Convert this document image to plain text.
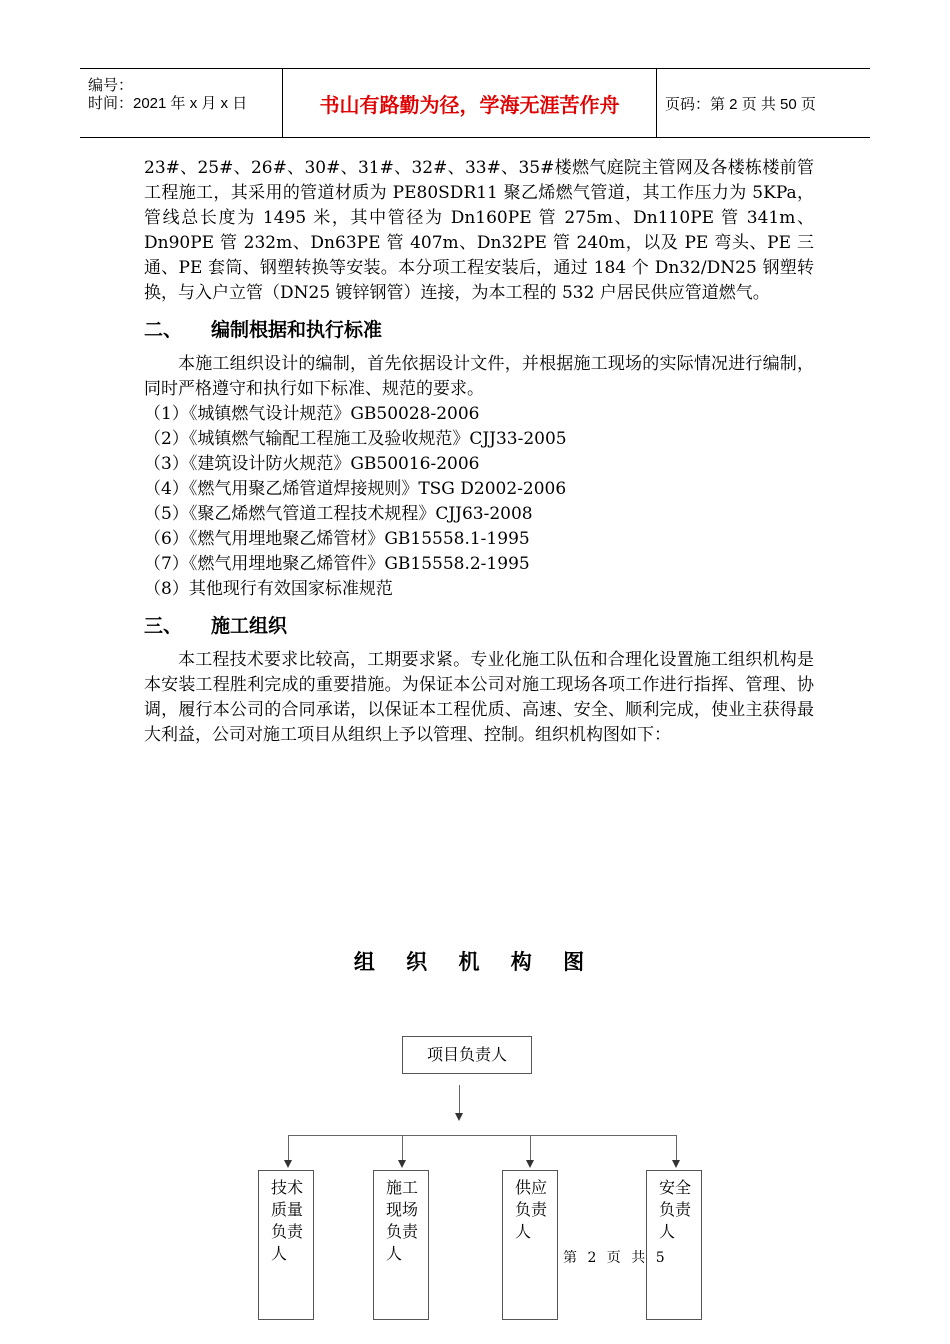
编号：
时间：2021 年 x 月 x 日	书山有路勤为径，学海无涯苦作舟	页码：第 2 页 共 50 页

23#、25#、26#、30#、31#、32#、33#、35#楼燃气庭院主管网及各楼栋楼前管工程施工，其采用的管道材质为 PE80SDR11 聚乙烯燃气管道，其工作压力为 5KPa，管线总长度为 1495 米，其中管径为 Dn160PE 管 275m、Dn110PE 管 341m、Dn90PE 管 232m、Dn63PE 管 407m、Dn32PE 管 240m，以及 PE 弯头、PE 三通、PE 套筒、钢塑转换等安装。本分项工程安装后，通过 184 个 Dn32/DN25 钢塑转换，与入户立管（DN25 镀锌钢管）连接，为本工程的 532 户居民供应管道燃气。

二、 编制根据和执行标准

本施工组织设计的编制，首先依据设计文件，并根据施工现场的实际情况进行编制，同时严格遵守和执行如下标准、规范的要求。

（1）《城镇燃气设计规范》GB50028-2006

（2）《城镇燃气输配工程施工及验收规范》CJJ33-2005

（3）《建筑设计防火规范》GB50016-2006

（4）《燃气用聚乙烯管道焊接规则》TSG D2002-2006

（5）《聚乙烯燃气管道工程技术规程》CJJ63-2008

（6）《燃气用埋地聚乙烯管材》GB15558.1-1995

（7）《燃气用埋地聚乙烯管件》GB15558.2-1995

（8）其他现行有效国家标准规范

三、 施工组织

本工程技术要求比较高，工期要求紧。专业化施工队伍和合理化设置施工组织机构是本安装工程胜利完成的重要措施。为保证本公司对施工现场各项工作进行指挥、管理、协调，履行本公司的合同承诺，以保证本工程优质、高速、安全、顺利完成，使业主获得最大利益，公司对施工项目从组织上予以管理、控制。组织机构图如下：

组 织 机 构 图
项目负责人
技术质量负责人
施工现场负责人
供应负责人
安全负责人
第 2 页 共 5
